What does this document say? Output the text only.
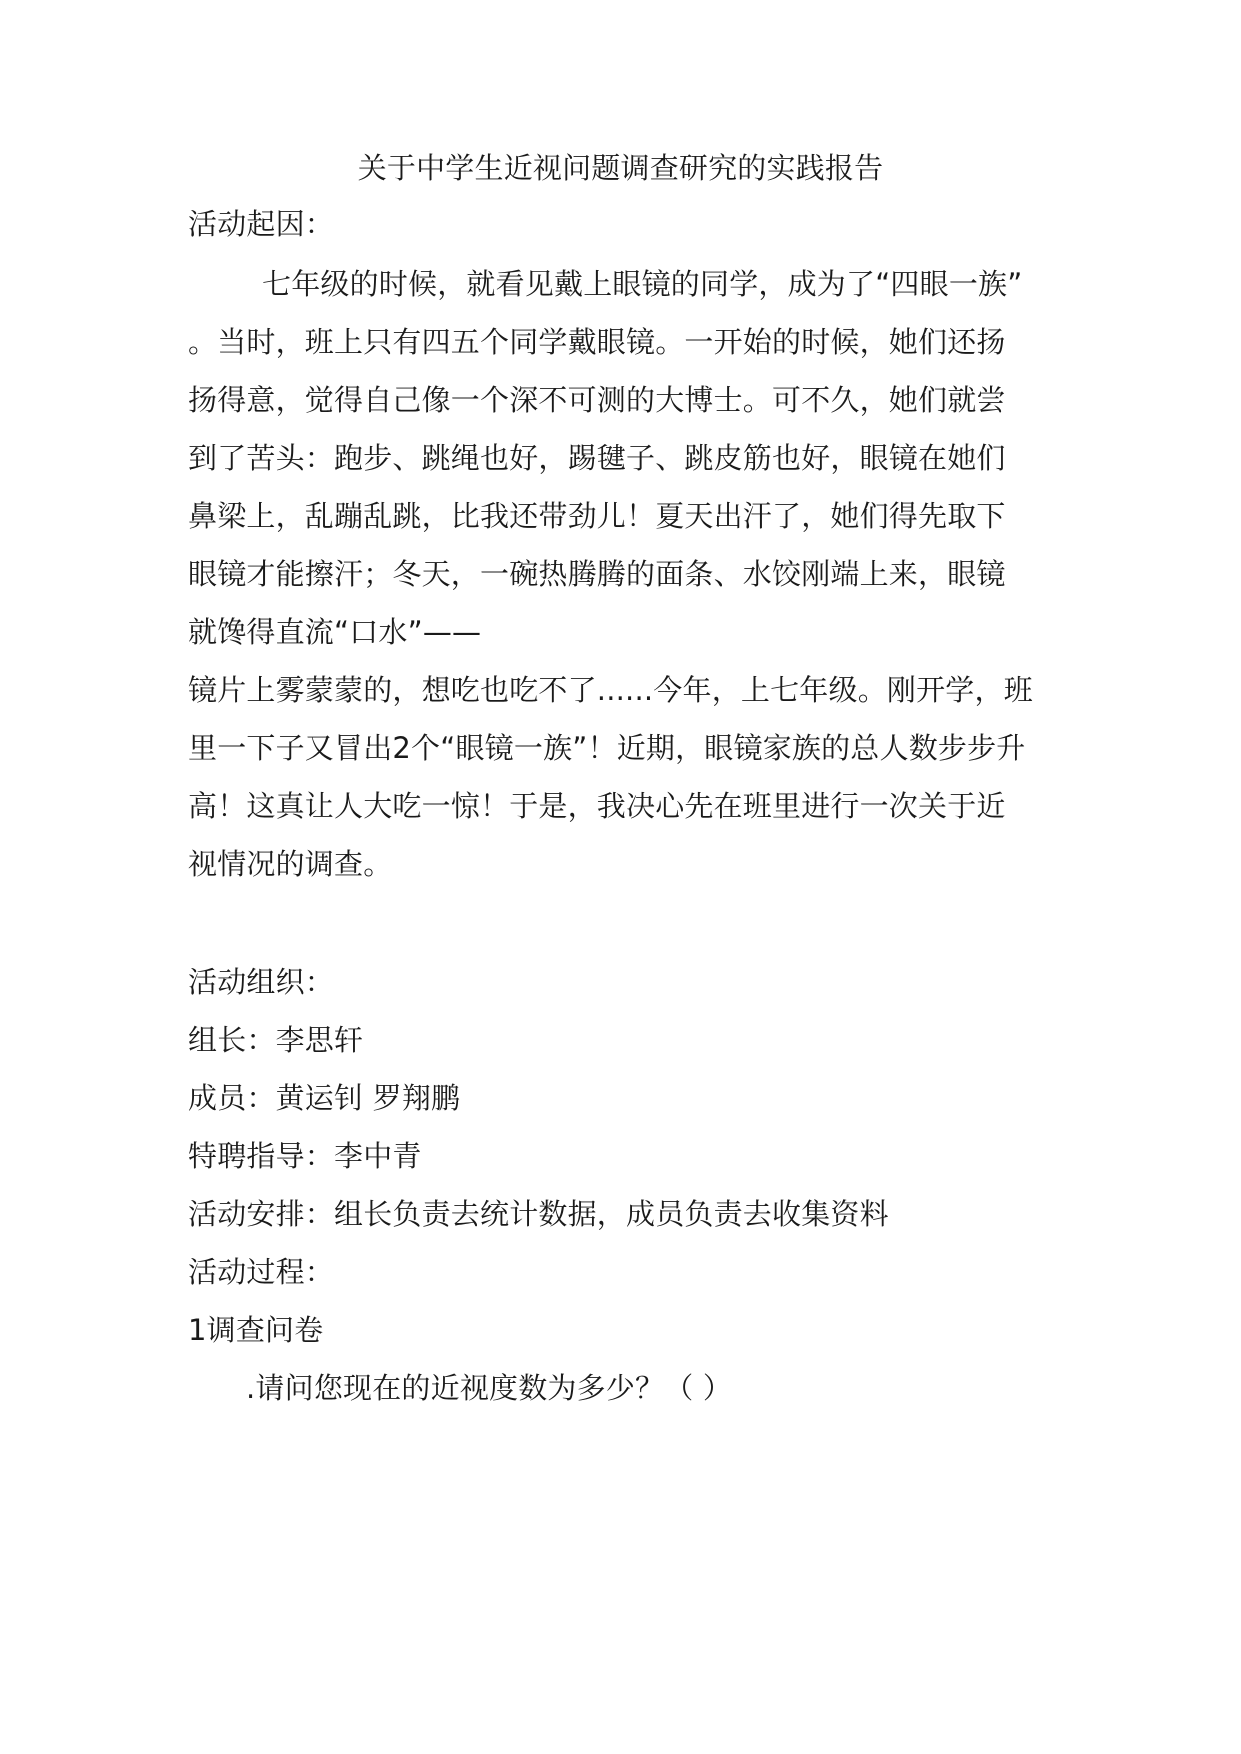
关于中学生近视问题调查研究的实践报告
活动起因：
七年级的时候，就看见戴上眼镜的同学，成为了“四眼一族”
。当时，班上只有四五个同学戴眼镜。一开始的时候，她们还扬
扬得意，觉得自己像一个深不可测的大博士。可不久，她们就尝
到了苦头：跑步、跳绳也好，踢毽子、跳皮筋也好，眼镜在她们
鼻梁上，乱蹦乱跳，比我还带劲儿！夏天出汗了，她们得先取下
眼镜才能擦汗；冬天，一碗热腾腾的面条、水饺刚端上来，眼镜
就馋得直流“口水”——
镜片上雾蒙蒙的，想吃也吃不了......今年，上七年级。刚开学，班
里一下子又冒出2个“眼镜一族”！近期，眼镜家族的总人数步步升
高！这真让人大吃一惊！于是，我决心先在班里进行一次关于近
视情况的调查。
活动组织：
组长：李思轩
成员：黄运钊 罗翔鹏
特聘指导：李中青
活动安排：组长负责去统计数据，成员负责去收集资料
活动过程：
1调查问卷
.请问您现在的近视度数为多少？（ ）
